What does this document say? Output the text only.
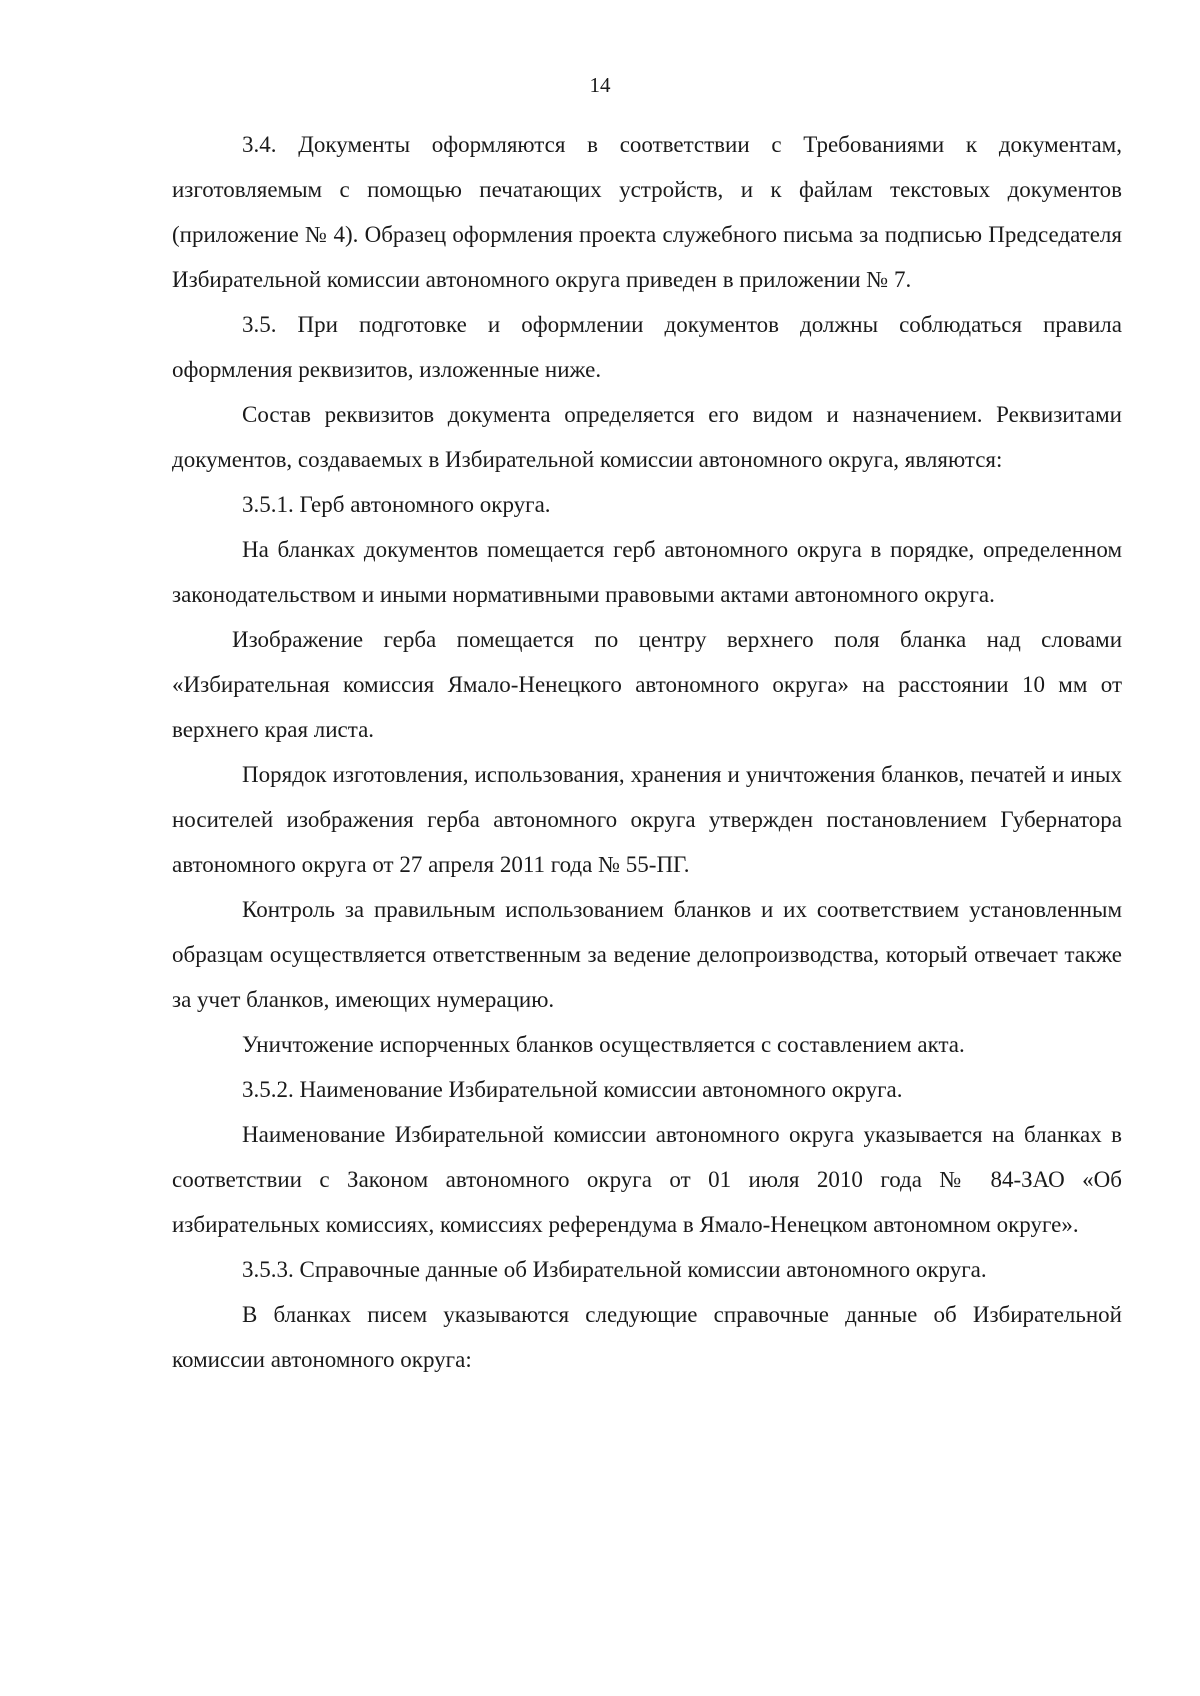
14

3.4. Документы оформляются в соответствии с Требованиями к документам, изготовляемым с помощью печатающих устройств, и к файлам текстовых документов (приложение № 4). Образец оформления проекта служебного письма за подписью Председателя Избирательной комиссии автономного округа приведен в приложении № 7.

3.5. При подготовке и оформлении документов должны соблюдаться правила оформления реквизитов, изложенные ниже.

Состав реквизитов документа определяется его видом и назначением. Реквизитами документов, создаваемых в Избирательной комиссии автономного округа, являются:

3.5.1. Герб автономного округа.

На бланках документов помещается герб автономного округа в порядке, определенном законодательством и иными нормативными правовыми актами автономного округа.

Изображение герба помещается по центру верхнего поля бланка над словами «Избирательная комиссия Ямало-Ненецкого автономного округа» на расстоянии 10 мм от верхнего края листа.

Порядок изготовления, использования, хранения и уничтожения бланков, печатей и иных носителей изображения герба автономного округа утвержден постановлением Губернатора автономного округа от 27 апреля 2011 года № 55-ПГ.

Контроль за правильным использованием бланков и их соответствием установленным образцам осуществляется ответственным за ведение делопроизводства, который отвечает также за учет бланков, имеющих нумерацию.

Уничтожение испорченных бланков осуществляется с составлением акта.

3.5.2. Наименование Избирательной комиссии автономного округа.

Наименование Избирательной комиссии автономного округа указывается на бланках в соответствии с Законом автономного округа от 01 июля 2010 года № 84-ЗАО «Об избирательных комиссиях, комиссиях референдума в Ямало-Ненецком автономном округе».

3.5.3. Справочные данные об Избирательной комиссии автономного округа.

В бланках писем указываются следующие справочные данные об Избирательной комиссии автономного округа:
